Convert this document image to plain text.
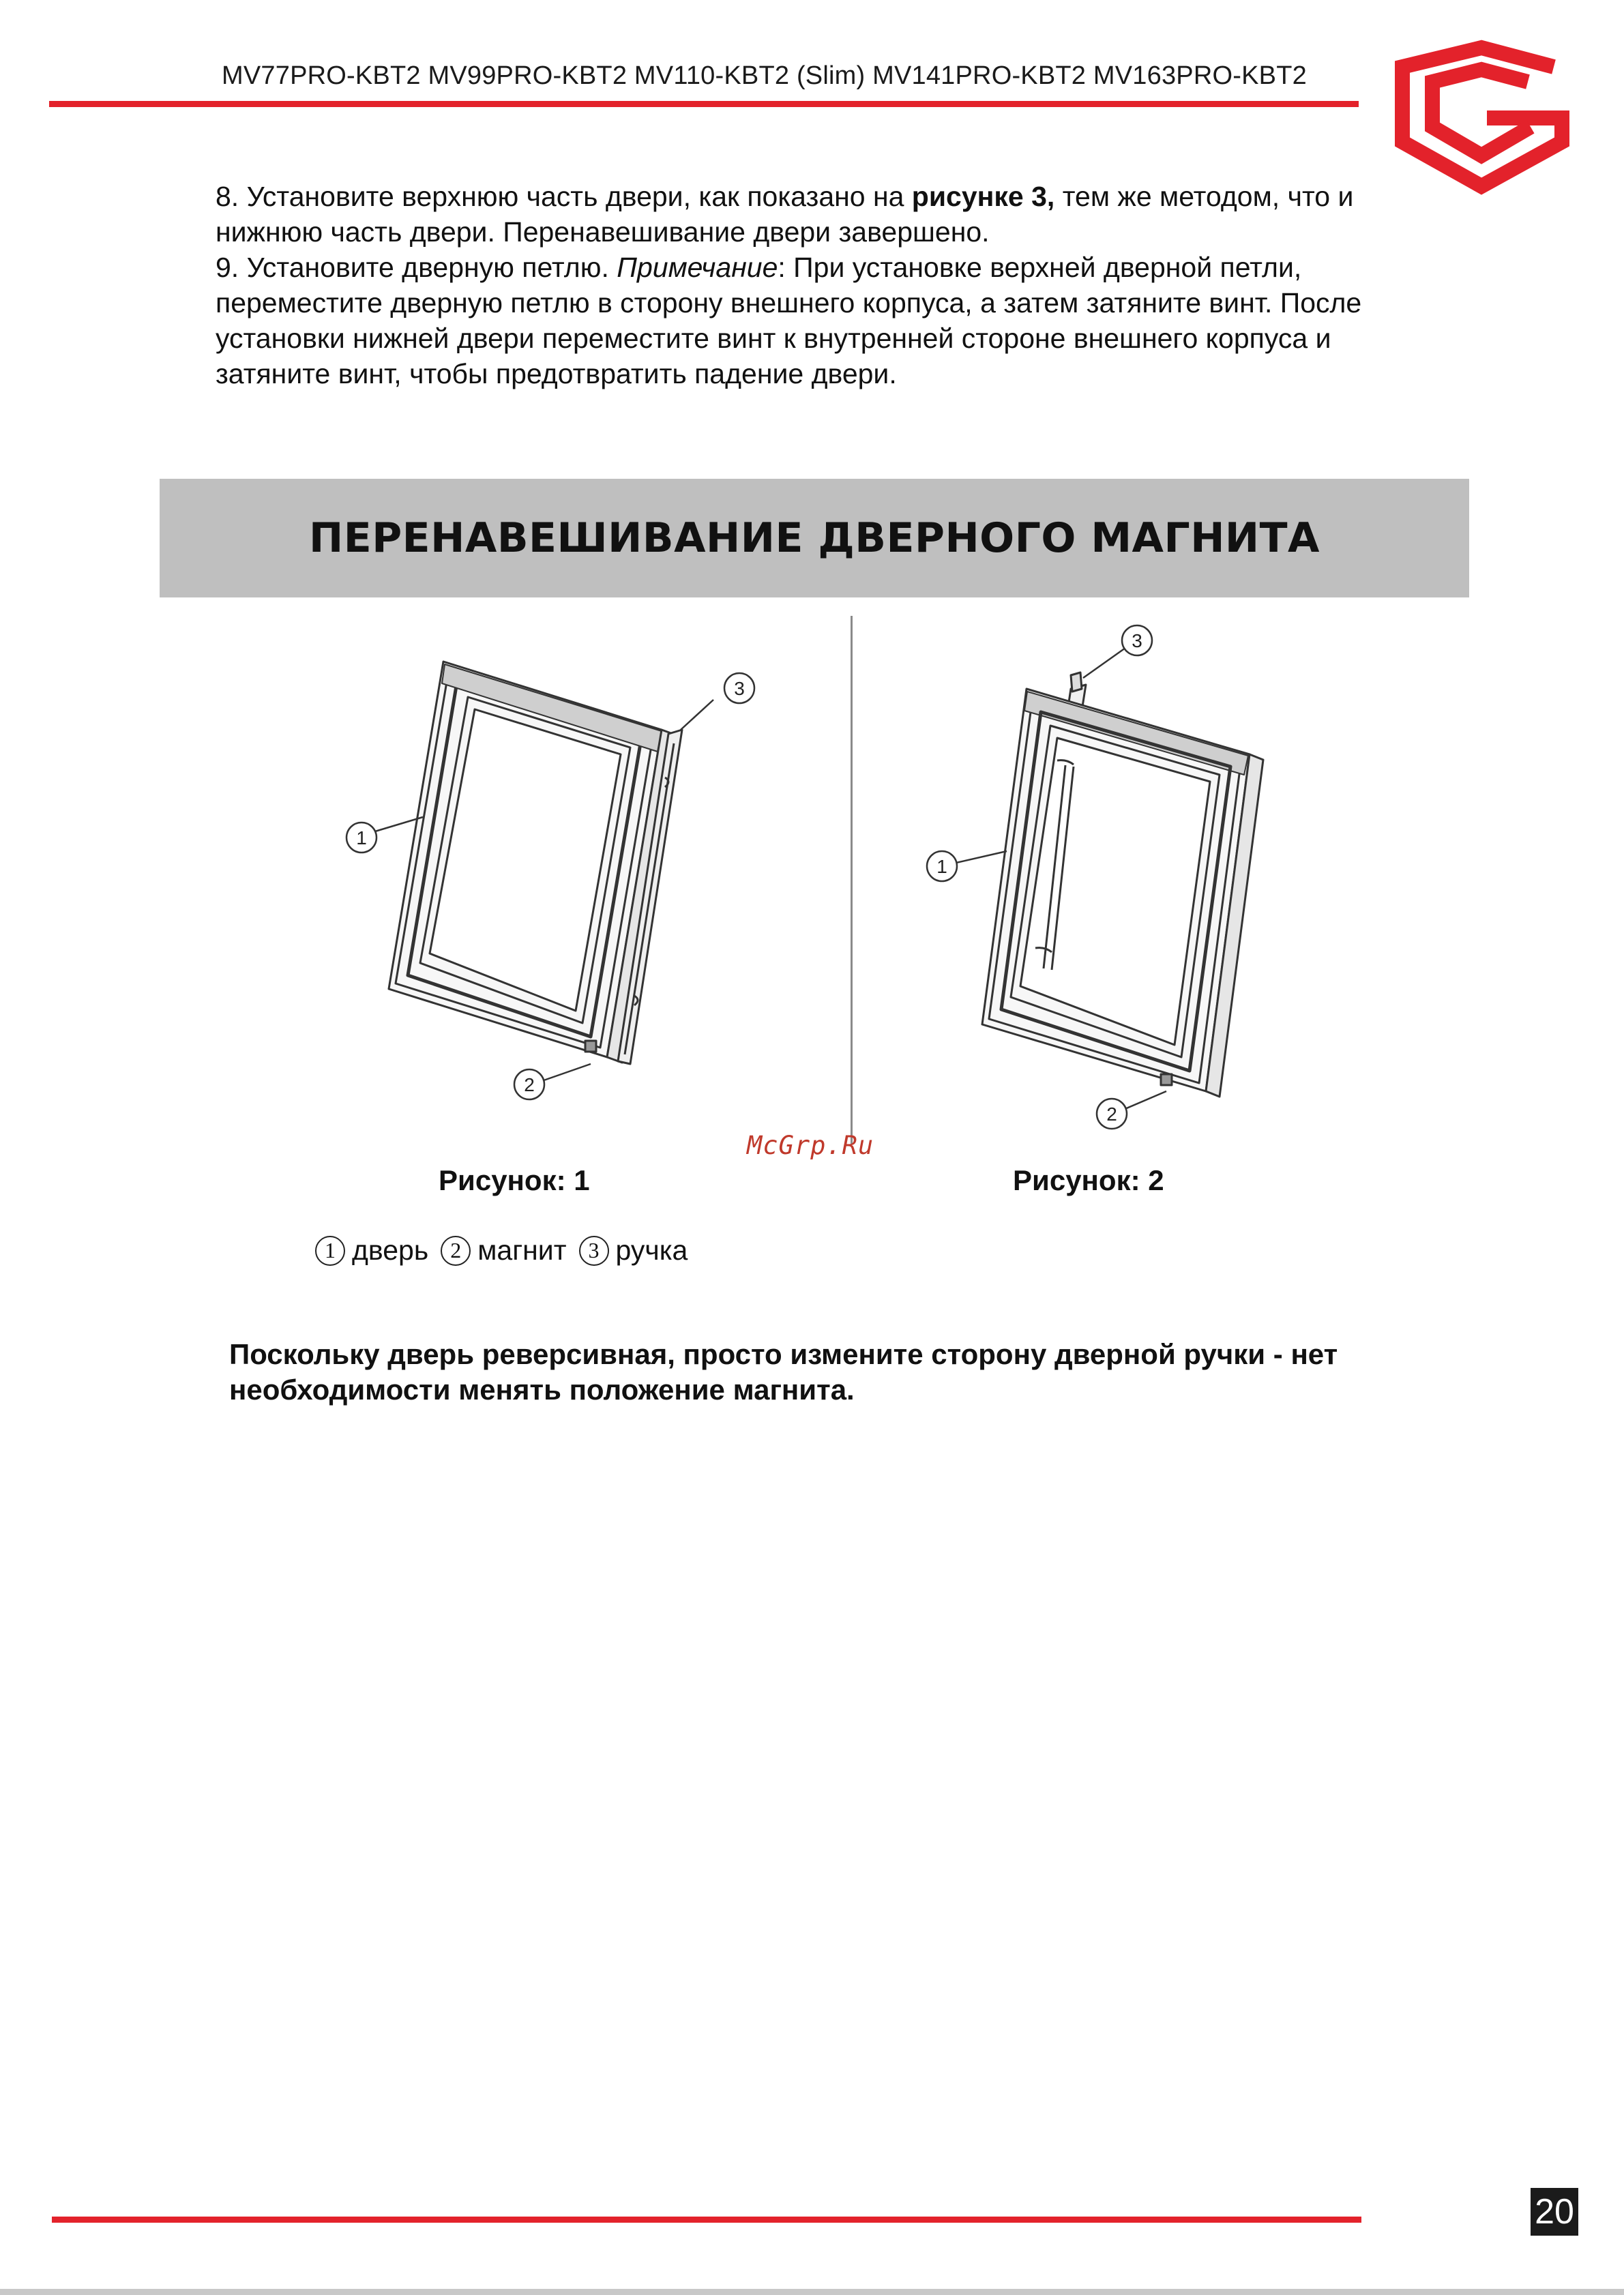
MV77PRO-KBT2 MV99PRO-KBT2 MV110-KBT2 (Slim) MV141PRO-KBT2 MV163PRO-KBT2

8. Установите верхнюю часть двери, как показано на рисунке 3, тем же методом, что и нижнюю часть двери. Перенавешивание двери завершено.

9. Установите дверную петлю. Примечание: При установке верхней дверной петли, переместите дверную петлю в сторону внешнего корпуса, а затем затяните винт. После установки нижней двери переместите винт к внутренней стороне внешнего корпуса и затяните винт, чтобы предотвратить падение двери.

ПЕРЕНАВЕШИВАНИЕ ДВЕРНОГО МАГНИТА
1
2
3
1
2
3
McGrp.Ru
Рисунок: 1	Рисунок: 2
1 дверь	2 магнит	3 ручка
Поскольку дверь реверсивная, просто измените сторону дверной ручки - нет необходимости менять положение магнита.
20
